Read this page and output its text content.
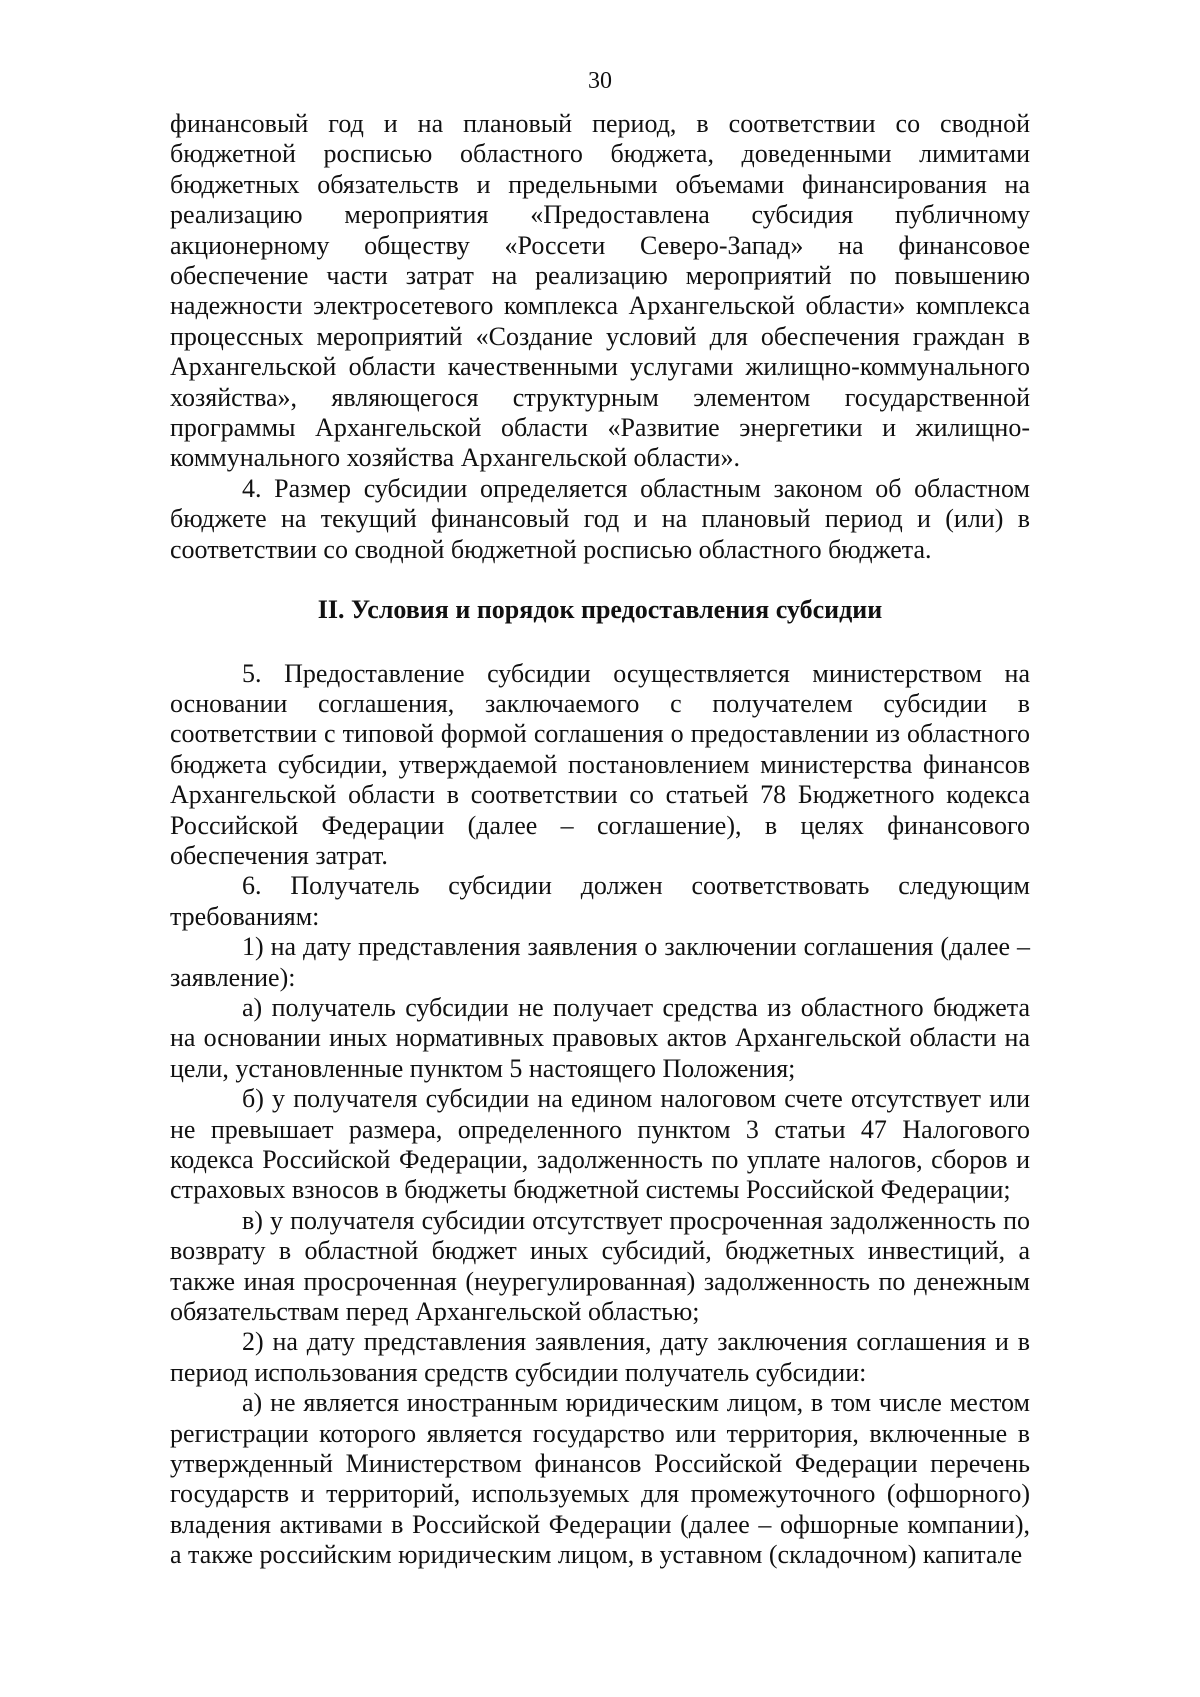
30

финансовый год и на плановый период, в соответствии со сводной бюджетной росписью областного бюджета, доведенными лимитами бюджетных обязательств и предельными объемами финансирования на реализацию мероприятия «Предоставлена субсидия публичному акционерному обществу «Россети Северо-Запад» на финансовое обеспечение части затрат на реализацию мероприятий по повышению надежности электросетевого комплекса Архангельской области» комплекса процессных мероприятий «Создание условий для обеспечения граждан в Архангельской области качественными услугами жилищно-коммунального хозяйства», являющегося структурным элементом государственной программы Архангельской области «Развитие энергетики и жилищно-коммунального хозяйства Архангельской области».

4. Размер субсидии определяется областным законом об областном бюджете на текущий финансовый год и на плановый период и (или) в соответствии со сводной бюджетной росписью областного бюджета.

II. Условия и порядок предоставления субсидии

5. Предоставление субсидии осуществляется министерством на основании соглашения, заключаемого с получателем субсидии в соответствии с типовой формой соглашения о предоставлении из областного бюджета субсидии, утверждаемой постановлением министерства финансов Архангельской области в соответствии со статьей 78 Бюджетного кодекса Российской Федерации (далее – соглашение), в целях финансового обеспечения затрат.

6. Получатель субсидии должен соответствовать следующим требованиям:

1) на дату представления заявления о заключении соглашения (далее – заявление):

а) получатель субсидии не получает средства из областного бюджета на основании иных нормативных правовых актов Архангельской области на цели, установленные пунктом 5 настоящего Положения;

б) у получателя субсидии на едином налоговом счете отсутствует или не превышает размера, определенного пунктом 3 статьи 47 Налогового кодекса Российской Федерации, задолженность по уплате налогов, сборов и страховых взносов в бюджеты бюджетной системы Российской Федерации;

в) у получателя субсидии отсутствует просроченная задолженность по возврату в областной бюджет иных субсидий, бюджетных инвестиций, а также иная просроченная (неурегулированная) задолженность по денежным обязательствам перед Архангельской областью;

2) на дату представления заявления, дату заключения соглашения и в период использования средств субсидии получатель субсидии:

а) не является иностранным юридическим лицом, в том числе местом регистрации которого является государство или территория, включенные в утвержденный Министерством финансов Российской Федерации перечень государств и территорий, используемых для промежуточного (офшорного) владения активами в Российской Федерации (далее – офшорные компании), а также российским юридическим лицом, в уставном (складочном) капитале
